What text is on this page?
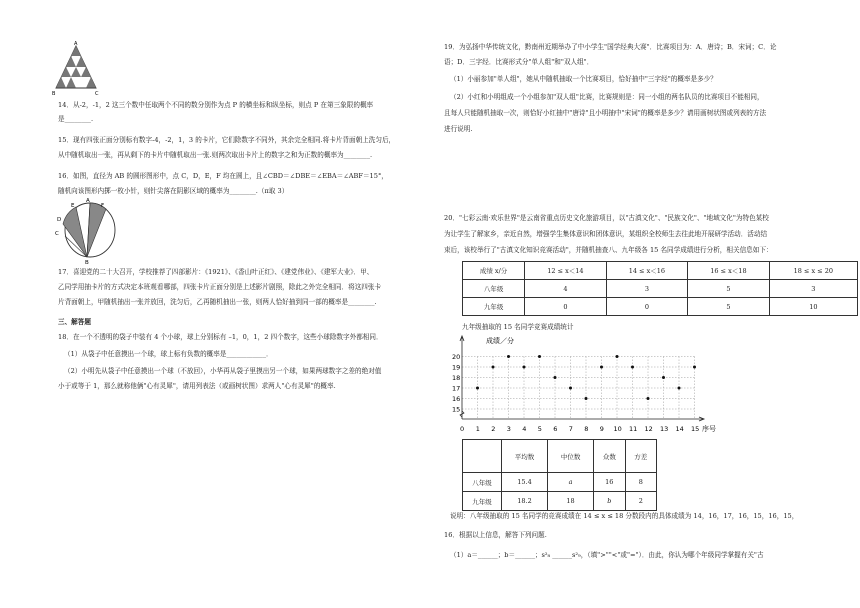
A
B	C
14．从-2，-1，2 这三个数中任取两个不同的数分别作为点 P 的横坐标和纵坐标，则点 P 在第三象限的概率
是________.
15．现有四张正面分别标有数字-4，-2，1，3 的卡片，它们除数字不同外，其余完全相同.将卡片背面朝上洗匀后，
从中随机取出一张，再从剩下的卡片中随机取出一张.则两次取出卡片上的数字之和为正数的概率为________.
16．如图，直径为 AB 的圆形图形中，点 C，D，E，F 均在圆上，且∠CBD＝∠DBE＝∠EBA＝∠ABF＝15°，
随机向该图形内掷一枚小针，则针尖落在阴影区域的概率为________.（π取 3）
E	F
D
A
C
B
17．喜迎党的二十大召开，学校推荐了四部影片：《1921》、《香山叶正红》、《建党伟业》、《建军大业》．甲、
乙同学用抽卡片的方式决定本班观看哪部，四张卡片正面分别是上述影片剧照，除此之外完全相同．将这四张卡
片背面朝上，甲随机抽出一张并放回，洗匀后，乙再随机抽出一张，则两人恰好抽到同一部的概率是________.
三、解答题
18．在一个不透明的袋子中装有 4 个小球，球上分别标有 –1，0，1，2 四个数字，这些小球除数字外都相同．
（1）从袋子中任意摸出一个球，球上标有负数的概率是____________．
（2）小明先从袋子中任意摸出一个球（不放回），小华再从袋子里摸出另一个球，如果两球数字之差的绝对值
小于或等于 1，那么就称他俩"心有灵犀"，请用列表法（或画树状图）求两人"心有灵犀"的概率.
19．为弘扬中华传统文化，黔南州近期举办了中小学生"国学经典大赛"．比赛项目为：A．唐诗；B．宋词；C．论
语；D．三字经．比赛形式分"单人组"和"双人组"．
（1）小丽参加"单人组"，她从中随机抽取一个比赛项目，恰好抽中"三字经"的概率是多少？
（2）小红和小明组成一个小组参加"双人组"比赛，比赛规则是：同一小组的两名队员的比赛项目不能相同，
且每人只能随机抽取一次，则恰好小红抽中"唐诗"且小明抽中"宋词"的概率是多少？请用画树状图或列表的方法
进行说明.
20．"七彩云南·欢乐世界"是云南省重点历史文化旅游项目，以"古滇文化"、"民族文化"、"地域文化"为特色某校
为让学生了解家乡，亲近自然，增强学生集体意识和团体意识，某组织全校师生去往此地开展研学活动．活动结
束后，该校举行了"古滇文化知识竞赛活动"，并随机抽查八、九年级各 15 名同学成绩进行分析，相关信息如下：
成绩 x/分	12 ≤ x＜14	14 ≤ x＜16	16 ≤ x＜18	18 ≤ x ≤ 20
八年级	4	3	5	3
九年级	0	0	5	10
九年级抽取的 15 名同学竞赛成绩统计
成绩／分
序号
0
15
16
17
18
19
20
1 2 3 4 5 6 7 8 9 10 11 12 13 14 15
	平均数	中位数	众数	方差
八年级	15.4	a	16	8
九年级	18.2	18	b	2
说明：八年级抽取的 15 名同学的竞赛成绩在 14 ≤ x ≤ 18 分数段内的具体成绩为 14，16，17，16，15，16，15，
16．根据以上信息，解答下列问题.
（1）a＝______；b＝______；s²₈ ______s²₉，（填">""<"或"="）．由此，你认为哪个年级同学掌握有关"古
